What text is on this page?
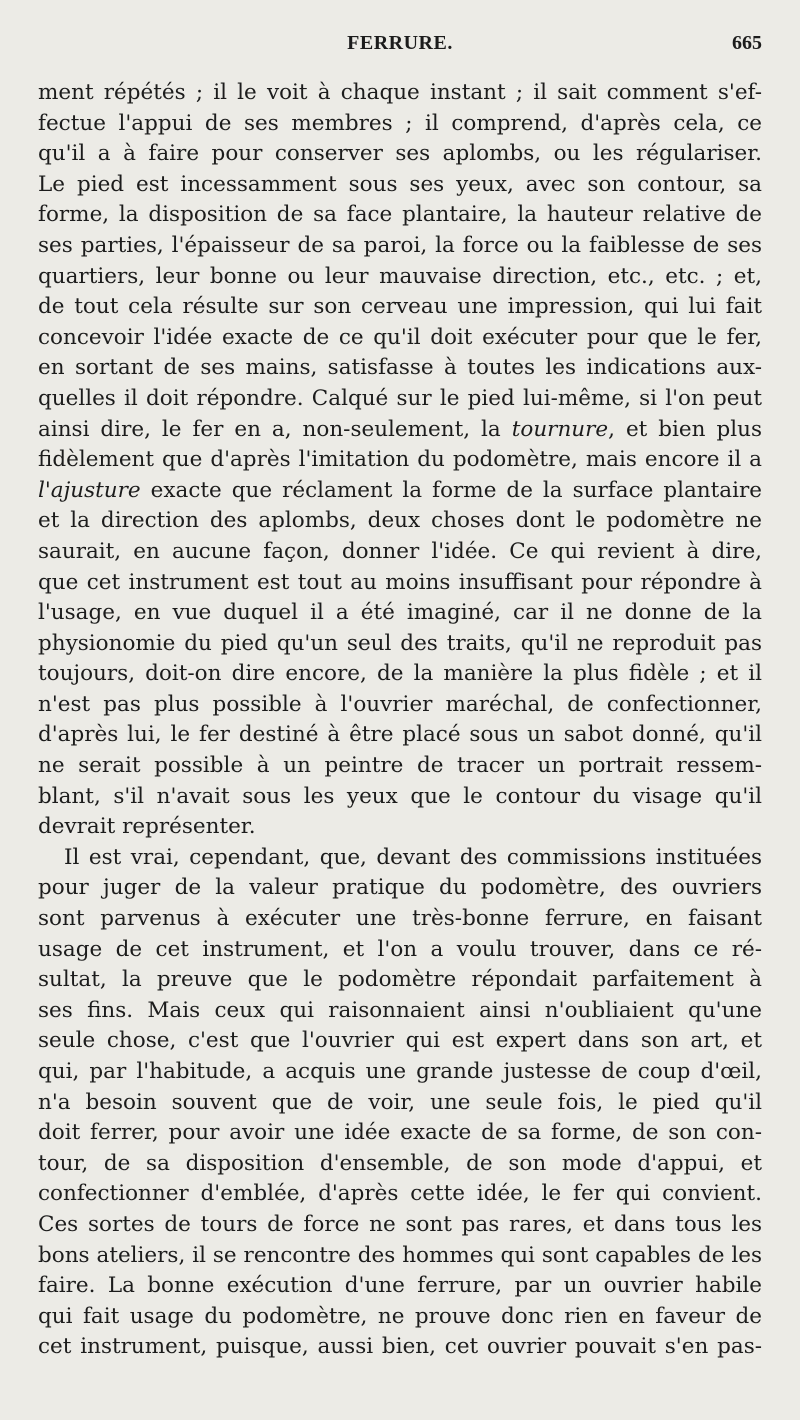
FERRURE.	665
ment répétés ; il le voit à chaque instant ; il sait comment s'ef-
fectue l'appui de ses membres ; il comprend, d'après cela, ce
qu'il a à faire pour conserver ses aplombs, ou les régulariser.
Le pied est incessamment sous ses yeux, avec son contour, sa
forme, la disposition de sa face plantaire, la hauteur relative de
ses parties, l'épaisseur de sa paroi, la force ou la faiblesse de ses
quartiers, leur bonne ou leur mauvaise direction, etc., etc. ; et,
de tout cela résulte sur son cerveau une impression, qui lui fait
concevoir l'idée exacte de ce qu'il doit exécuter pour que le fer,
en sortant de ses mains, satisfasse à toutes les indications aux-
quelles il doit répondre. Calqué sur le pied lui-même, si l'on peut
ainsi dire, le fer en a, non-seulement, la tournure, et bien plus
fidèlement que d'après l'imitation du podomètre, mais encore il a
l'ajusture exacte que réclament la forme de la surface plantaire
et la direction des aplombs, deux choses dont le podomètre ne
saurait, en aucune façon, donner l'idée. Ce qui revient à dire,
que cet instrument est tout au moins insuffisant pour répondre à
l'usage, en vue duquel il a été imaginé, car il ne donne de la
physionomie du pied qu'un seul des traits, qu'il ne reproduit pas
toujours, doit-on dire encore, de la manière la plus fidèle ; et il
n'est pas plus possible à l'ouvrier maréchal, de confectionner,
d'après lui, le fer destiné à être placé sous un sabot donné, qu'il
ne serait possible à un peintre de tracer un portrait ressem-
blant, s'il n'avait sous les yeux que le contour du visage qu'il
devrait représenter.
Il est vrai, cependant, que, devant des commissions instituées
pour juger de la valeur pratique du podomètre, des ouvriers
sont parvenus à exécuter une très-bonne ferrure, en faisant
usage de cet instrument, et l'on a voulu trouver, dans ce ré-
sultat, la preuve que le podomètre répondait parfaitement à
ses fins. Mais ceux qui raisonnaient ainsi n'oubliaient qu'une
seule chose, c'est que l'ouvrier qui est expert dans son art, et
qui, par l'habitude, a acquis une grande justesse de coup d'œil,
n'a besoin souvent que de voir, une seule fois, le pied qu'il
doit ferrer, pour avoir une idée exacte de sa forme, de son con-
tour, de sa disposition d'ensemble, de son mode d'appui, et
confectionner d'emblée, d'après cette idée, le fer qui convient.
Ces sortes de tours de force ne sont pas rares, et dans tous les
bons ateliers, il se rencontre des hommes qui sont capables de les
faire. La bonne exécution d'une ferrure, par un ouvrier habile
qui fait usage du podomètre, ne prouve donc rien en faveur de
cet instrument, puisque, aussi bien, cet ouvrier pouvait s'en pas-
